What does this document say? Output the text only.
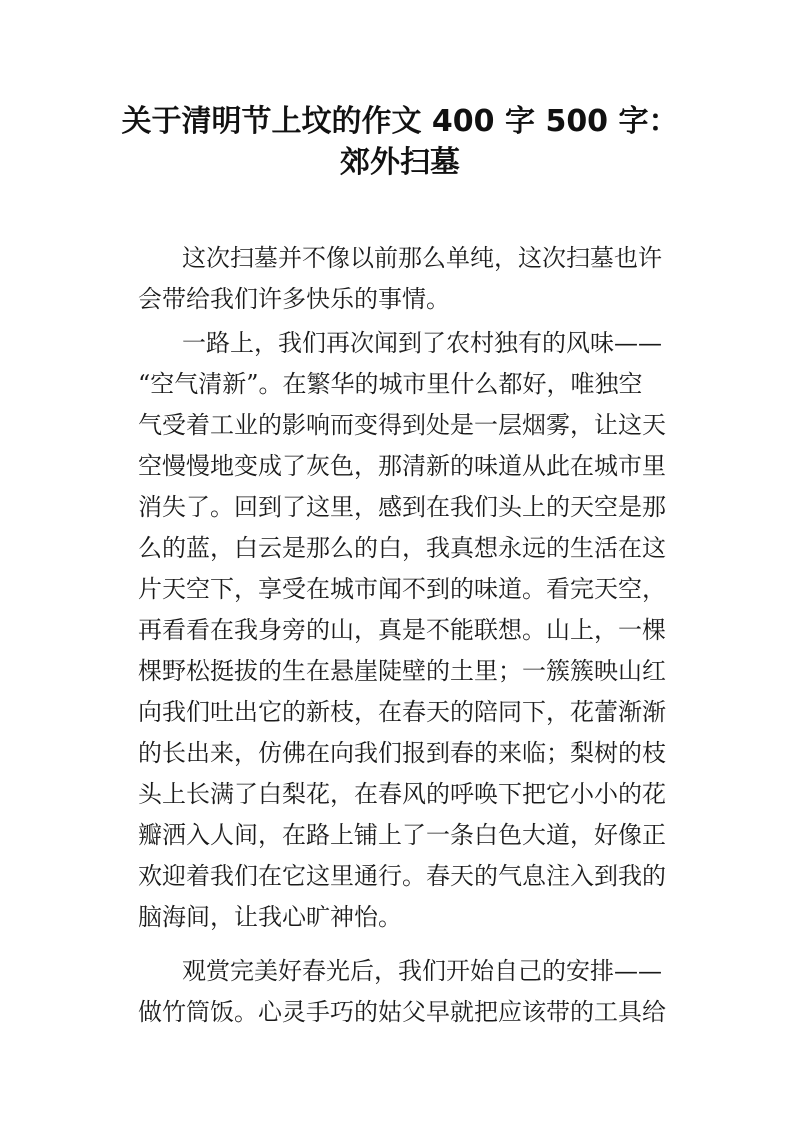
关于清明节上坟的作文 400 字 500 字：
郊外扫墓
这次扫墓并不像以前那么单纯，这次扫墓也许
会带给我们许多快乐的事情。
一路上，我们再次闻到了农村独有的风味——
“空气清新”。在繁华的城市里什么都好，唯独空
气受着工业的影响而变得到处是一层烟雾，让这天
空慢慢地变成了灰色，那清新的味道从此在城市里
消失了。回到了这里，感到在我们头上的天空是那
么的蓝，白云是那么的白，我真想永远的生活在这
片天空下，享受在城市闻不到的味道。看完天空，
再看看在我身旁的山，真是不能联想。山上，一棵
棵野松挺拔的生在悬崖陡壁的土里；一簇簇映山红
向我们吐出它的新枝，在春天的陪同下，花蕾渐渐
的长出来，仿佛在向我们报到春的来临；梨树的枝
头上长满了白梨花，在春风的呼唤下把它小小的花
瓣洒入人间，在路上铺上了一条白色大道，好像正
欢迎着我们在它这里通行。春天的气息注入到我的
脑海间，让我心旷神怡。
观赏完美好春光后，我们开始自己的安排——
做竹筒饭。心灵手巧的姑父早就把应该带的工具给
